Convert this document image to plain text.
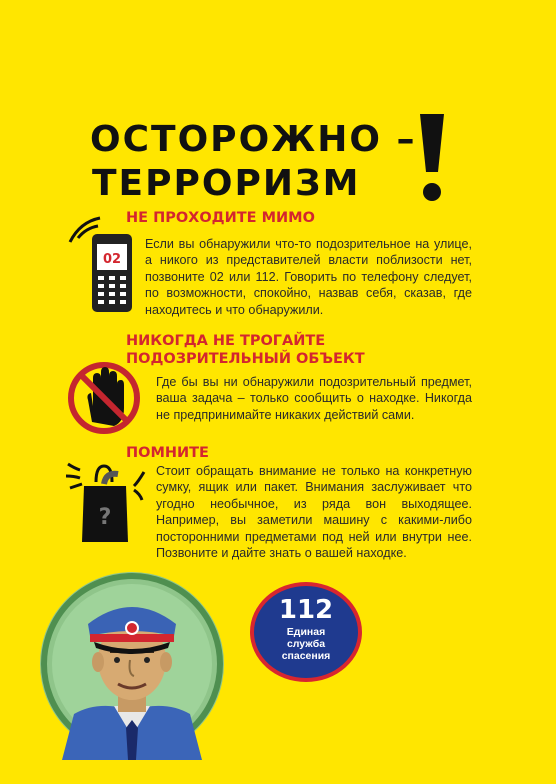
ОСТОРОЖНО –
ТЕРРОРИЗМ
02
НЕ ПРОХОДИТЕ МИМО
Если вы обнаружили что-то подозрительное на улице, а никого из представителей власти поблизости нет, позвоните 02 или 112. Говорить по телефону следует, по возможности, спокойно, назвав себя, сказав, где находитесь и что обнаружили.
НИКОГДА НЕ ТРОГАЙТЕ
ПОДОЗРИТЕЛЬНЫЙ ОБЪЕКТ
Где бы вы ни обнаружили подозрительный предмет, ваша задача – только сообщить о находке. Никогда не предпринимайте никаких действий сами.
ПОМНИТЕ
?
Стоит обращать внимание не только на конкретную сумку, ящик или пакет. Внимания заслуживает что угодно необычное, из ряда вон выходящее. Например, вы заметили машину с какими-либо посторонними предметами под ней или внутри нее. Позвоните и дайте знать о вашей находке.
112
Единая
служба
спасения
